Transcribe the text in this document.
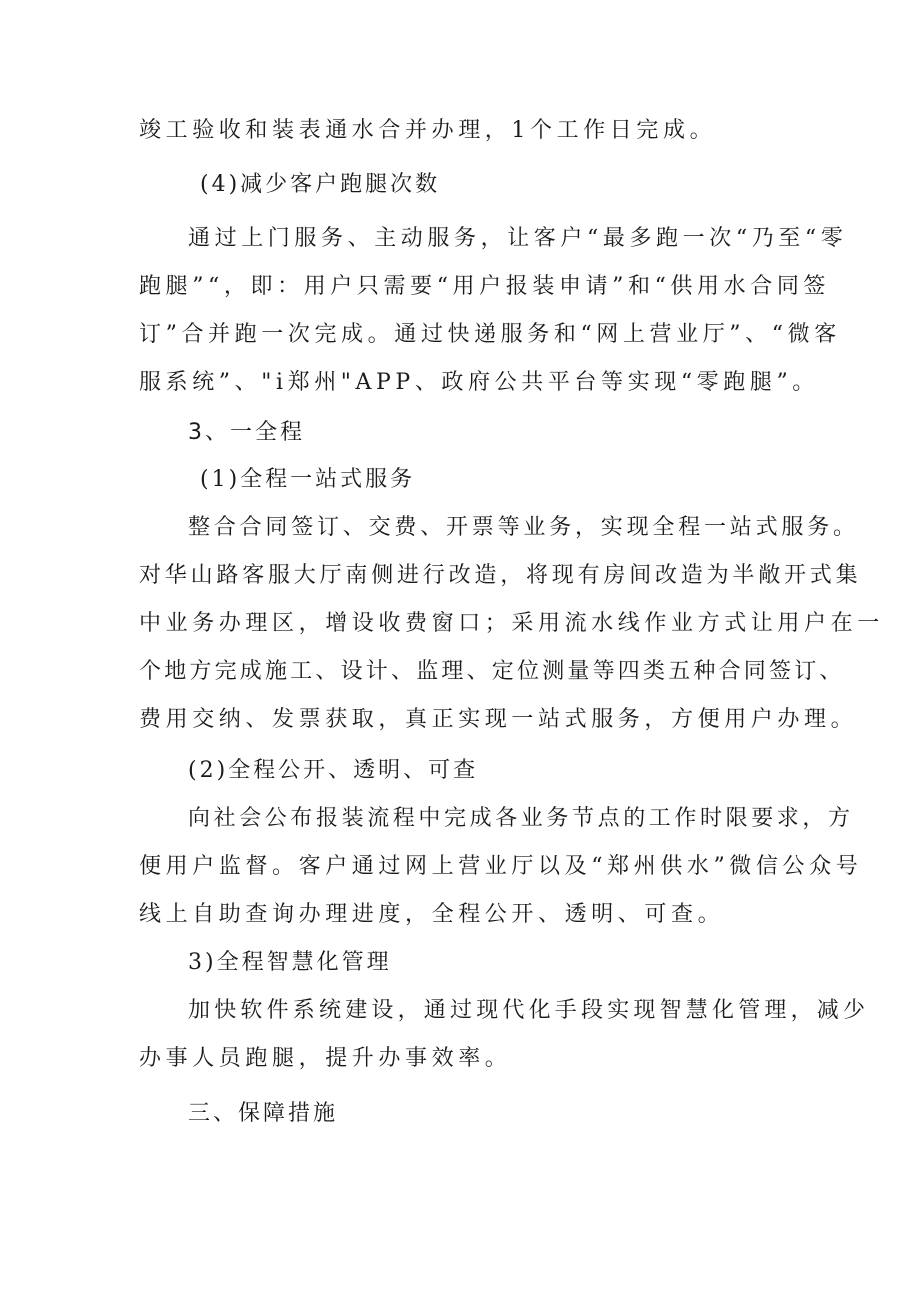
竣工验收和装表通水合并办理，1个工作日完成。
(4)减少客户跑腿次数
通过上门服务、主动服务，让客户“最多跑一次“乃至“零
跑腿”“，即：用户只需要“用户报装申请”和“供用水合同签
订”合并跑一次完成。通过快递服务和“网上营业厅”、“微客
服系统”、"i郑州"APP、政府公共平台等实现“零跑腿”。
3、一全程
(1)全程一站式服务
整合合同签订、交费、开票等业务，实现全程一站式服务。
对华山路客服大厅南侧进行改造，将现有房间改造为半敞开式集
中业务办理区，增设收费窗口；采用流水线作业方式让用户在一
个地方完成施工、设计、监理、定位测量等四类五种合同签订、
费用交纳、发票获取，真正实现一站式服务，方便用户办理。
(2)全程公开、透明、可查
向社会公布报装流程中完成各业务节点的工作时限要求，方
便用户监督。客户通过网上营业厅以及“郑州供水”微信公众号
线上自助查询办理进度，全程公开、透明、可查。
3)全程智慧化管理
加快软件系统建设，通过现代化手段实现智慧化管理，减少
办事人员跑腿，提升办事效率。
三、保障措施
